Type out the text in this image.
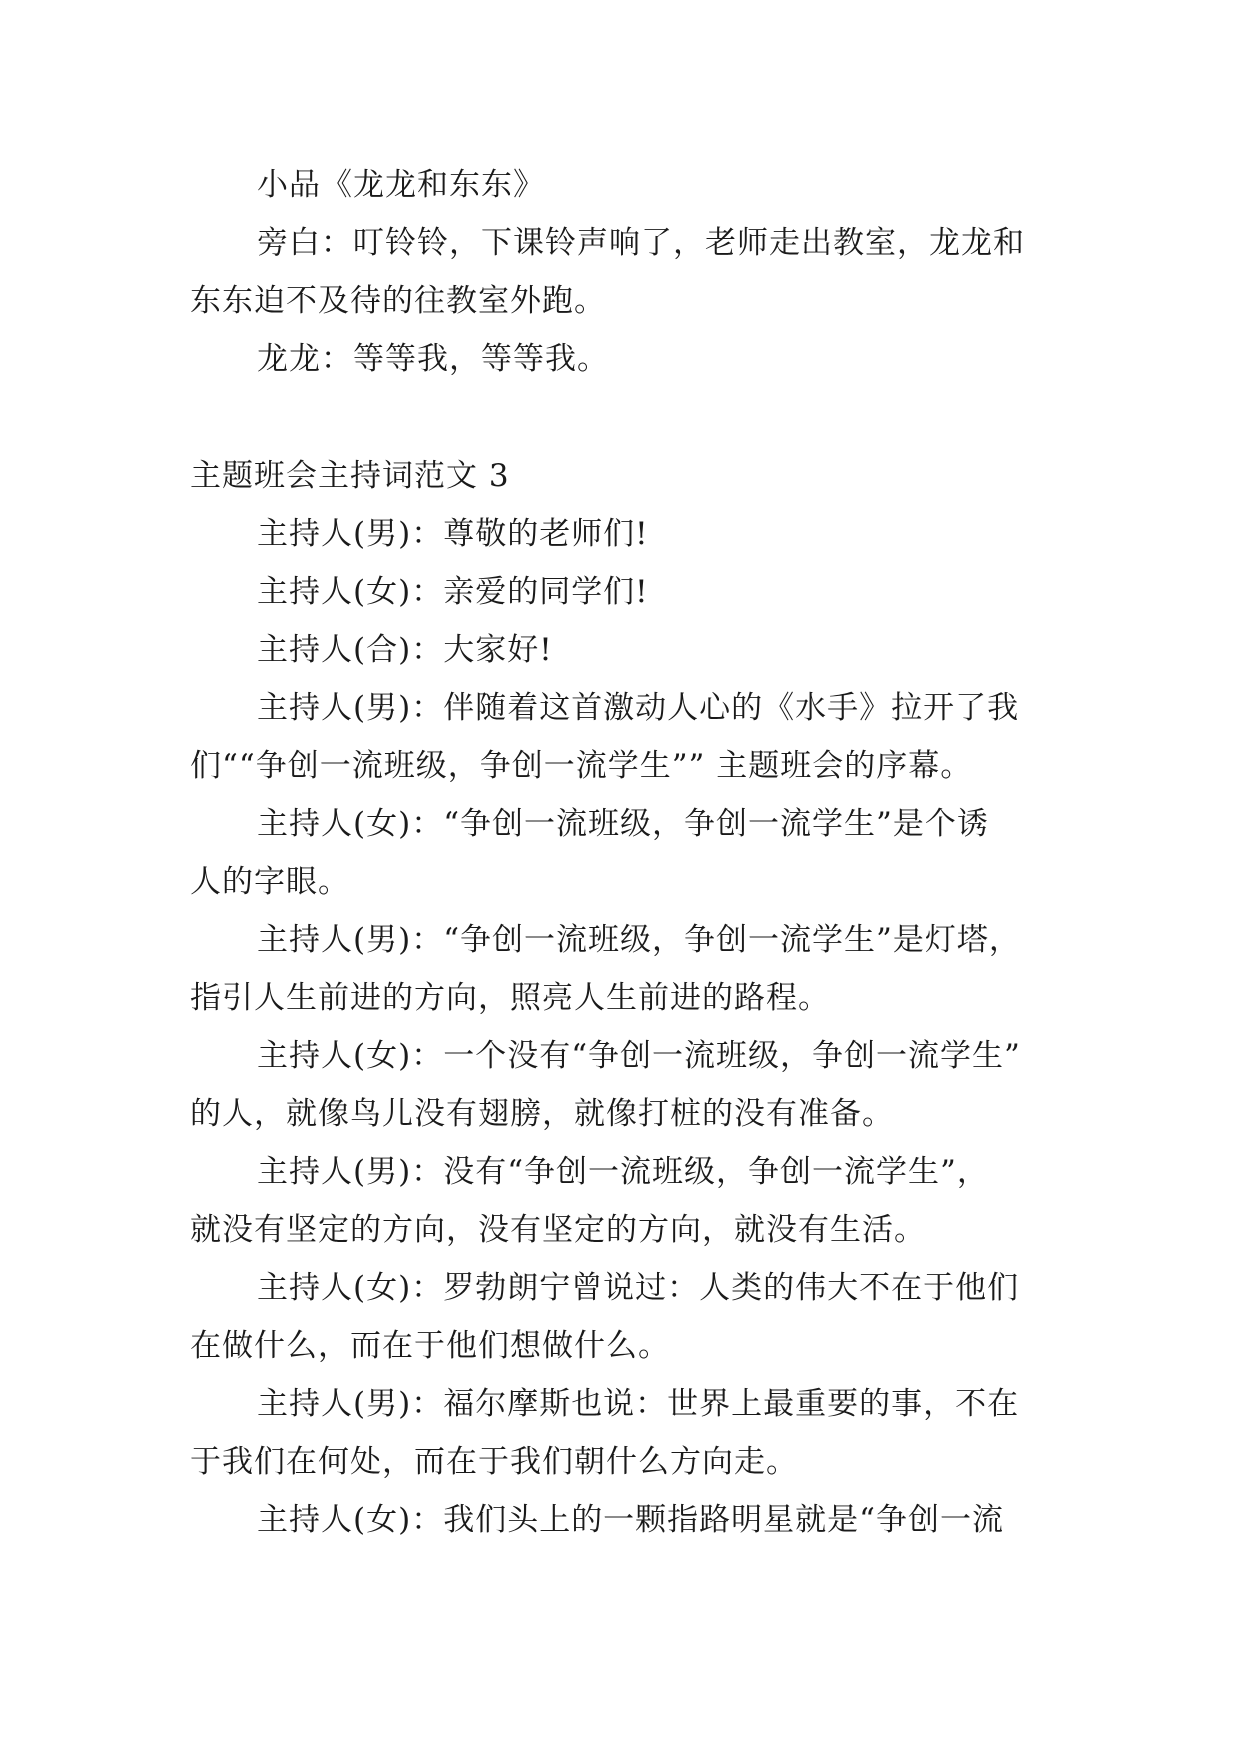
小品《龙龙和东东》
旁白：叮铃铃，下课铃声响了，老师走出教室，龙龙和
东东迫不及待的往教室外跑。
龙龙：等等我，等等我。
主题班会主持词范文 3
主持人(男)：尊敬的老师们!
主持人(女)：亲爱的同学们!
主持人(合)：大家好!
主持人(男)：伴随着这首激动人心的《水手》拉开了我
们““争创一流班级，争创一流学生”” 主题班会的序幕。
主持人(女)：“争创一流班级，争创一流学生”是个诱
人的字眼。
主持人(男)：“争创一流班级，争创一流学生”是灯塔，
指引人生前进的方向，照亮人生前进的路程。
主持人(女)：一个没有“争创一流班级，争创一流学生”
的人，就像鸟儿没有翅膀，就像打桩的没有准备。
主持人(男)：没有“争创一流班级，争创一流学生”，
就没有坚定的方向，没有坚定的方向，就没有生活。
主持人(女)：罗勃朗宁曾说过：人类的伟大不在于他们
在做什么，而在于他们想做什么。
主持人(男)：福尔摩斯也说：世界上最重要的事，不在
于我们在何处，而在于我们朝什么方向走。
主持人(女)：我们头上的一颗指路明星就是“争创一流
